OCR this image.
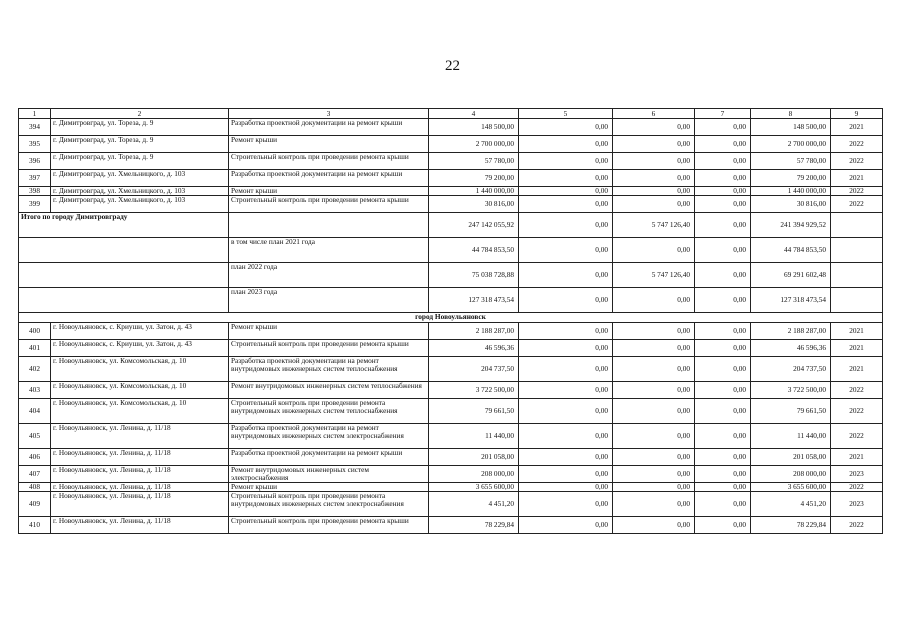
22
1	2	3	4	5	6	7	8	9
394	г. Димитровград, ул. Тореза, д. 9	Разработка проектной документации на ремонт крыши	148 500,00	0,00	0,00	0,00	148 500,00	2021
395	г. Димитровград, ул. Тореза, д. 9	Ремонт крыши	2 700 000,00	0,00	0,00	0,00	2 700 000,00	2022
396	г. Димитровград, ул. Тореза, д. 9	Строительный контроль при проведении ремонта крыши	57 780,00	0,00	0,00	0,00	57 780,00	2022
397	г. Димитровград, ул. Хмельницкого, д. 103	Разработка проектной документации на ремонт крыши	79 200,00	0,00	0,00	0,00	79 200,00	2021
398	г. Димитровград, ул. Хмельницкого, д. 103	Ремонт крыши	1 440 000,00	0,00	0,00	0,00	1 440 000,00	2022
399	г. Димитровград, ул. Хмельницкого, д. 103	Строительный контроль при проведении ремонта крыши	30 816,00	0,00	0,00	0,00	30 816,00	2022
Итого по городу Димитровграду			247 142 055,92	0,00	5 747 126,40	0,00	241 394 929,52	
		в том числе план 2021 года	44 784 853,50	0,00	0,00	0,00	44 784 853,50	
		план 2022 года	75 038 728,88	0,00	5 747 126,40	0,00	69 291 602,48	
		план 2023 года	127 318 473,54	0,00	0,00	0,00	127 318 473,54	
город Новоульяновск								
400	г. Новоульяновск, с. Криуши, ул. Затон, д. 43	Ремонт крыши	2 188 287,00	0,00	0,00	0,00	2 188 287,00	2021
401	г. Новоульяновск, с. Криуши, ул. Затон, д. 43	Строительный контроль при проведении ремонта крыши	46 596,36	0,00	0,00	0,00	46 596,36	2021
402	г. Новоульяновск, ул. Комсомольская, д. 10	Разработка проектной документации на ремонт внутридомовых инженерных систем теплоснабжения	204 737,50	0,00	0,00	0,00	204 737,50	2021
403	г. Новоульяновск, ул. Комсомольская, д. 10	Ремонт внутридомовых инженерных систем теплоснабжения	3 722 500,00	0,00	0,00	0,00	3 722 500,00	2022
404	г. Новоульяновск, ул. Комсомольская, д. 10	Строительный контроль при проведении ремонта внутридомовых инженерных систем теплоснабжения	79 661,50	0,00	0,00	0,00	79 661,50	2022
405	г. Новоульяновск, ул. Ленина, д. 11/18	Разработка проектной документации на ремонт внутридомовых инженерных систем электроснабжения	11 440,00	0,00	0,00	0,00	11 440,00	2022
406	г. Новоульяновск, ул. Ленина, д. 11/18	Разработка проектной документации на ремонт крыши	201 058,00	0,00	0,00	0,00	201 058,00	2021
407	г. Новоульяновск, ул. Ленина, д. 11/18	Ремонт внутридомовых инженерных систем электроснабжения	208 000,00	0,00	0,00	0,00	208 000,00	2023
408	г. Новоульяновск, ул. Ленина, д. 11/18	Ремонт крыши	3 655 600,00	0,00	0,00	0,00	3 655 600,00	2022
409	г. Новоульяновск, ул. Ленина, д. 11/18	Строительный контроль при проведении ремонта внутридомовых инженерных систем электроснабжения	4 451,20	0,00	0,00	0,00	4 451,20	2023
410	г. Новоульяновск, ул. Ленина, д. 11/18	Строительный контроль при проведении ремонта крыши	78 229,84	0,00	0,00	0,00	78 229,84	2022
